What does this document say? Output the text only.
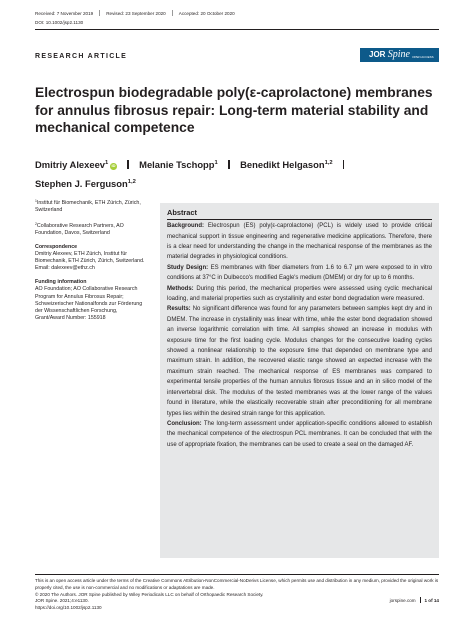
Received: 7 November 2019	Revised: 23 September 2020	Accepted: 20 October 2020
DOI: 10.1002/jsp2.1130
JOR Spine $_{OPEN ACCESS}$
RESEARCH ARTICLE
Electrospun biodegradable poly(ε-caprolactone) membranes for annulus fibrosus repair: Long-term material stability and mechanical competence
Dmitriy Alexeev$^1$ iD	Melanie Tschopp$^1$ Benedikt Helgason$^{1,2}$
Stephen J. Ferguson$^{1,2}$

$^1$Institut für Biomechanik, ETH Zürich, Zürich, Switzerland

$^2$Collaborative Research Partners, AO Foundation, Davos, Switzerland

Correspondence
Dmitriy Alexeev, ETH Zürich, Institut für Biomechanik, ETH Zürich, Zürich, Switzerland.
Email: dalexeev@ethz.ch

Funding information
AO Foundation; AO Collaborative Research Program for Annulus Fibrosus Repair; Schweizerischer Nationalfonds zur Förderung der Wissenschaftlichen Forschung, Grant/Award Number: 155918

Abstract

Background: Electrospun (ES) poly(ε-caprolactone) (PCL) is widely used to provide critical mechanical support in tissue engineering and regenerative medicine applications. Therefore, there is a clear need for understanding the change in the mechanical response of the membranes as the material degrades in physiological conditions.

Study Design: ES membranes with fiber diameters from 1.6 to 6.7 μm were exposed to in vitro conditions at 37°C in Dulbecco's modified Eagle's medium (DMEM) or dry for up to 6 months.

Methods: During this period, the mechanical properties were assessed using cyclic mechanical loading, and material properties such as crystallinity and ester bond degradation were measured.

Results: No significant difference was found for any parameters between samples kept dry and in DMEM. The increase in crystallinity was linear with time, while the ester bond degradation showed an inverse logarithmic correlation with time. All samples showed an increase in modulus with exposure time for the first loading cycle. Modulus changes for the consecutive loading cycles showed a nonlinear relationship to the exposure time that depended on membrane type and maximum strain. In addition, the recovered elastic range showed an expected increase with the maximum strain reached. The mechanical response of ES membranes was compared to experimental tensile properties of the human annulus fibrosus tissue and an in silico model of the intervertebral disk. The modulus of the tested membranes was at the lower range of the values found in literature, while the elastically recoverable strain after preconditioning for all membrane types lies within the desired strain range for this application.

Conclusion: The long-term assessment under application-specific conditions allowed to establish the mechanical competence of the electrospun PCL membranes. It can be concluded that with the use of appropriate fixation, the membranes can be used to create a seal on the damaged AF.

This is an open access article under the terms of the Creative Commons Attribution-NonCommercial-NoDerivs License, which permits use and distribution in any medium, provided the original work is properly cited, the use is non-commercial and no modifications or adaptations are made.
© 2020 The Authors. JOR Spine published by Wiley Periodicals LLC on behalf of Orthopaedic Research Society.
JOR Spine. 2021;4:e1130.
https://doi.org/10.1002/jsp2.1130
jorspine.com 1 of 14
